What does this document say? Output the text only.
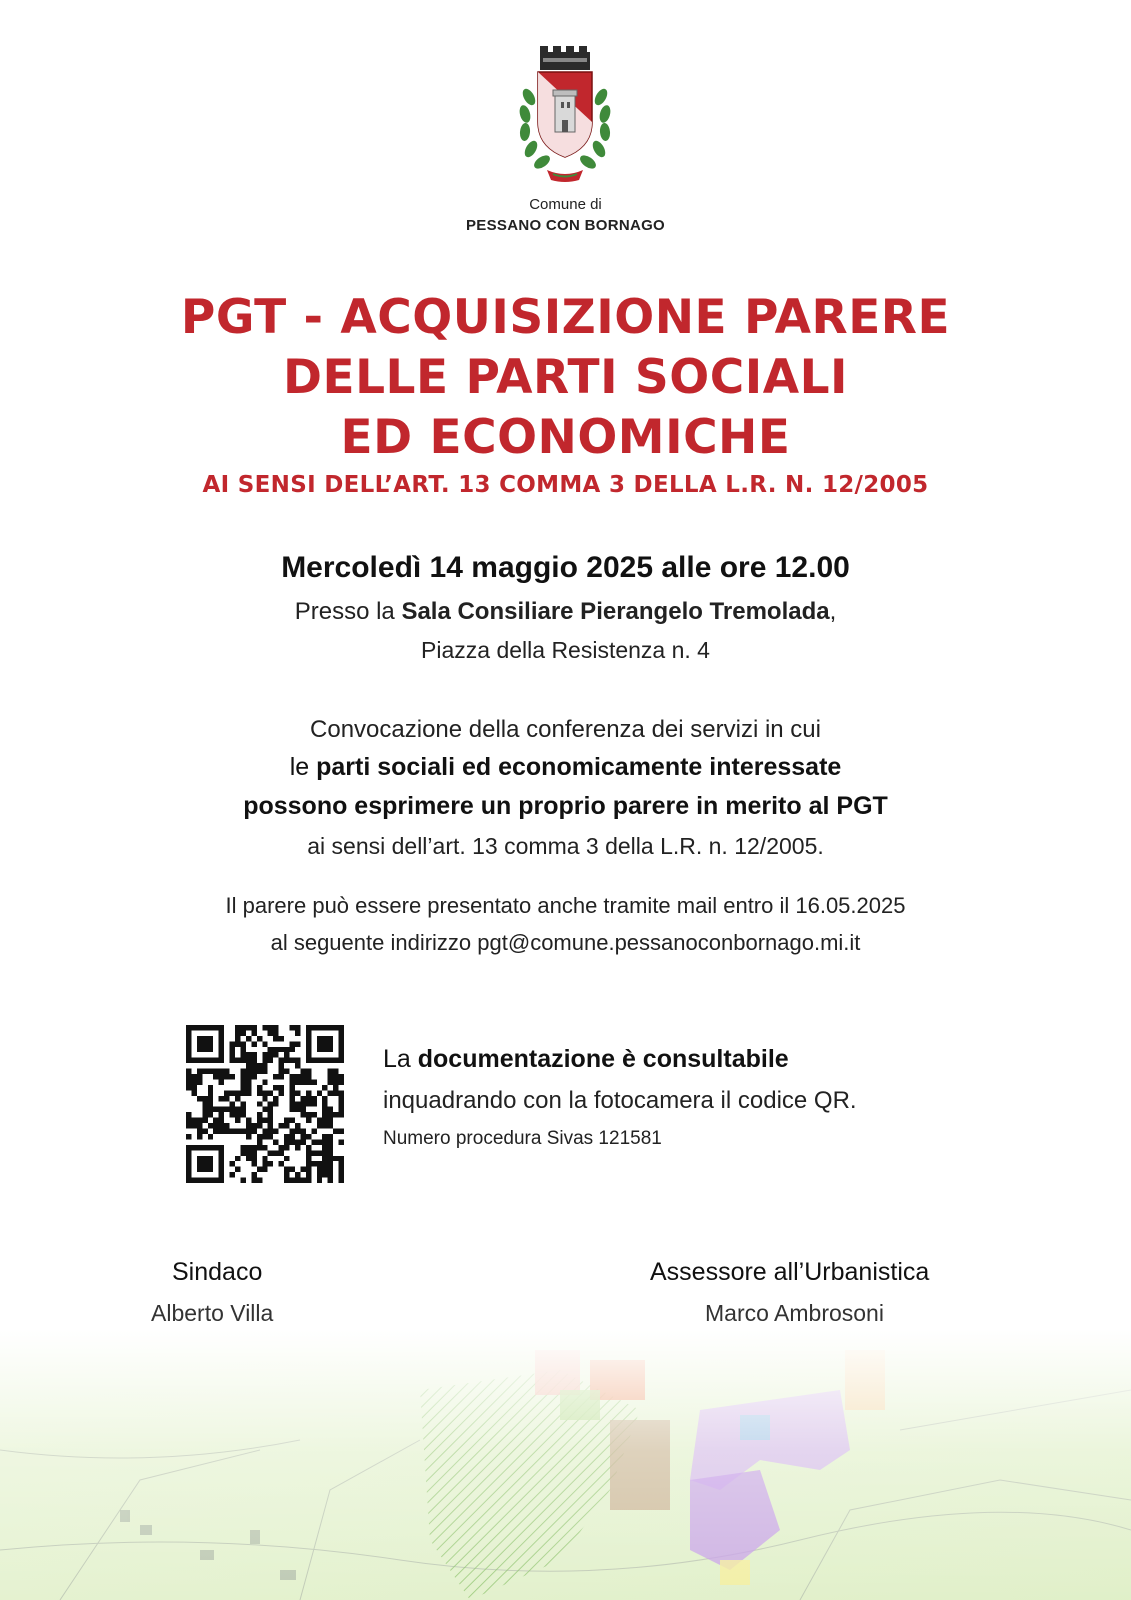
Comune di
PESSANO CON BORNAGO
PGT - ACQUISIZIONE PARERE
DELLE PARTI SOCIALI
ED ECONOMICHE
AI SENSI DELL’ART. 13 COMMA 3 DELLA L.R. N. 12/2005
Mercoledì 14 maggio 2025 alle ore 12.00
Presso la Sala Consiliare Pierangelo Tremolada,
Piazza della Resistenza n. 4
Convocazione della conferenza dei servizi in cui
le parti sociali ed economicamente interessate
possono esprimere un proprio parere in merito al PGT
ai sensi dell’art. 13 comma 3 della L.R. n. 12/2005.
Il parere può essere presentato anche tramite mail entro il 16.05.2025
al seguente indirizzo pgt@comune.pessanoconbornago.mi.it
La documentazione è consultabile
inquadrando con la fotocamera il codice QR.
Numero procedura Sivas 121581
Sindaco
Alberto Villa
Assessore all’Urbanistica
Marco Ambrosoni
